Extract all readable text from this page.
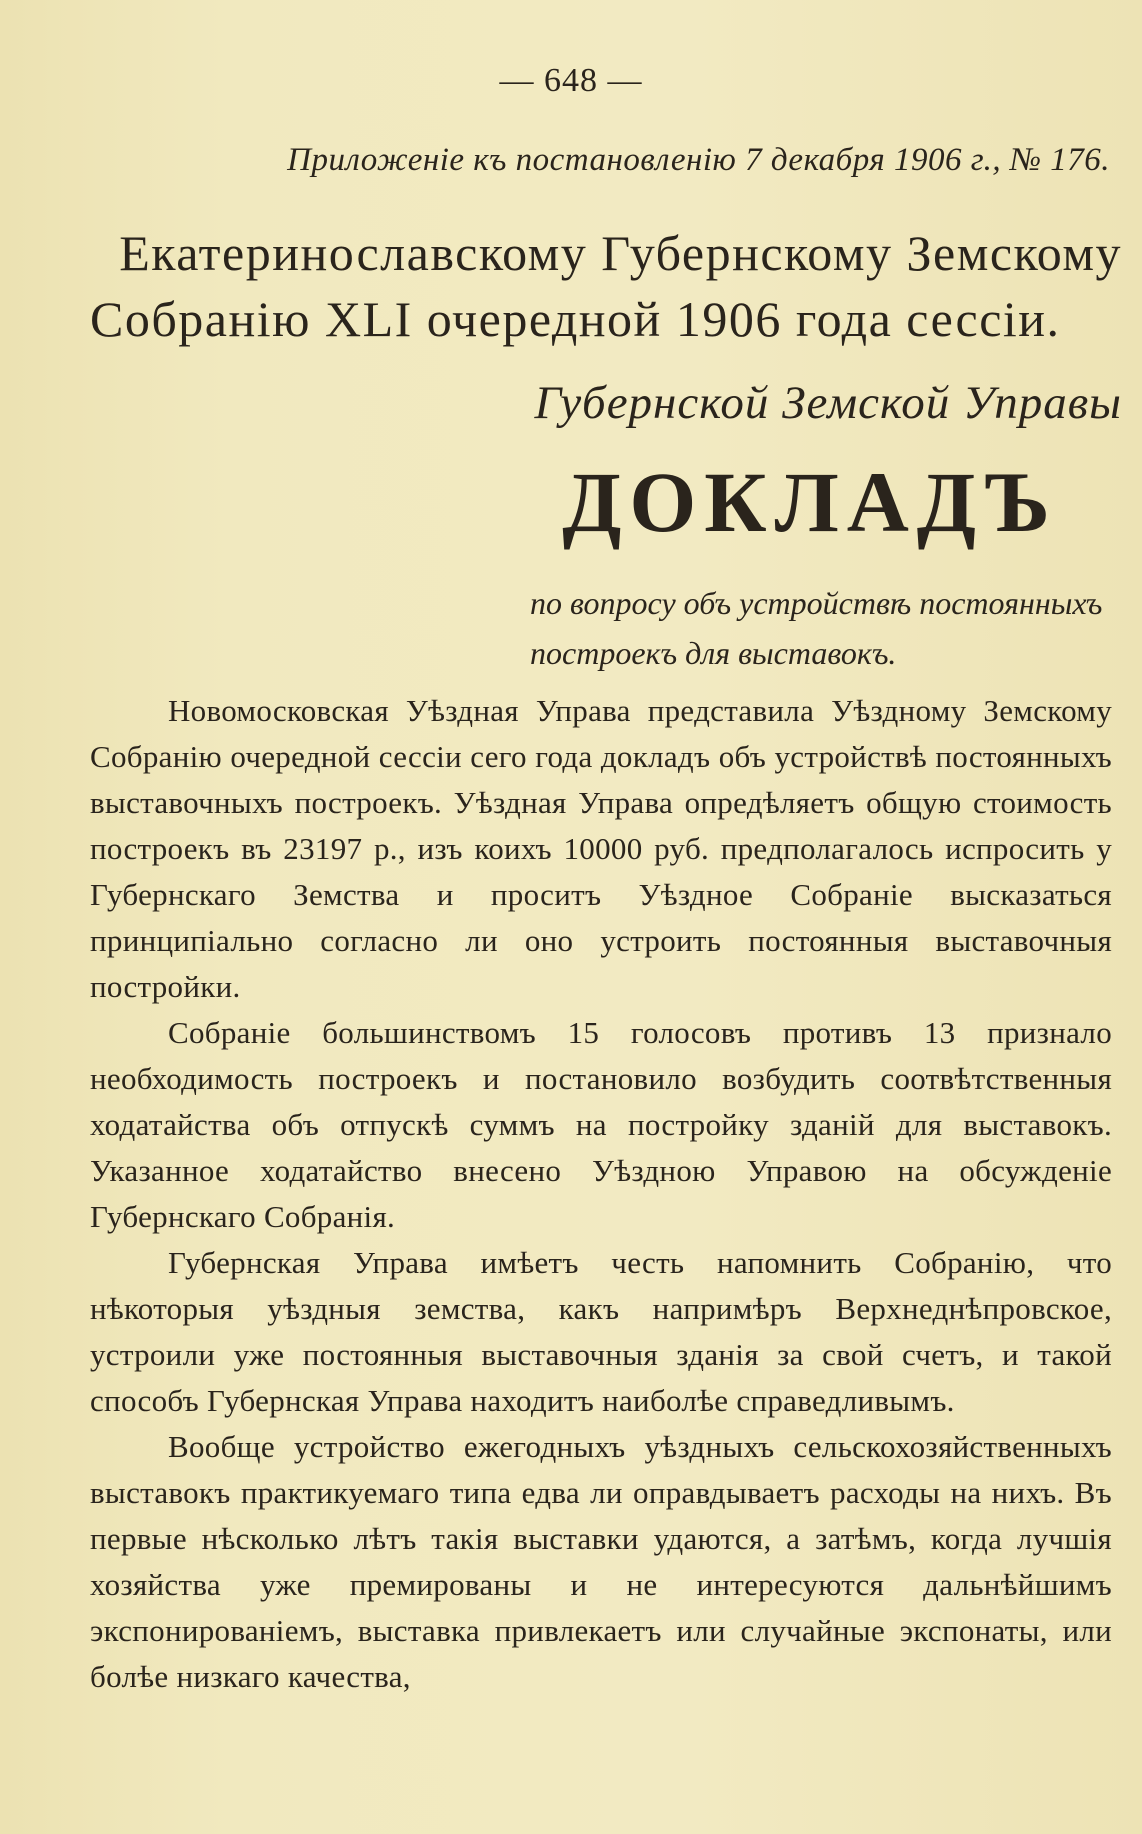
— 648 —
Приложеніе къ постановленію 7 декабря 1906 г., № 176.
Екатеринославскому Губернскому Земскому
Собранію XLI очередной 1906 года сессіи.
Губернской Земской Управы
ДОКЛАДЪ
по вопросу объ устройствѣ постоянныхъ построекъ для выставокъ.

Новомосковская Уѣздная Управа представила Уѣздному Земскому Собранію очередной сессіи сего года докладъ объ устройствѣ постоянныхъ выставочныхъ построекъ. Уѣздная Управа опредѣляетъ общую стоимость построекъ въ 23197 р., изъ коихъ 10000 руб. предполагалось испросить у Губернскаго Земства и проситъ Уѣздное Собраніе высказаться принципіально согласно ли оно устроить постоянныя выставочныя постройки.

Собраніе большинствомъ 15 голосовъ противъ 13 признало необходимость построекъ и постановило возбудить соотвѣтственныя ходатайства объ отпускѣ суммъ на постройку зданій для выставокъ. Указанное ходатайство внесено Уѣздною Управою на обсужденіе Губернскаго Собранія.

Губернская Управа имѣетъ честь напомнить Собранію, что нѣкоторыя уѣздныя земства, какъ напримѣръ Верхнеднѣпровское, устроили уже постоянныя выставочныя зданія за свой счетъ, и такой способъ Губернская Управа находитъ наиболѣе справедливымъ.

Вообще устройство ежегодныхъ уѣздныхъ сельскохозяйственныхъ выставокъ практикуемаго типа едва ли оправдываетъ расходы на нихъ. Въ первые нѣсколько лѣтъ такія выставки удаются, а затѣмъ, когда лучшія хозяйства уже премированы и не интересуются дальнѣйшимъ экспонированіемъ, выставка привлекаетъ или случайные экспонаты, или болѣе низкаго качества,
